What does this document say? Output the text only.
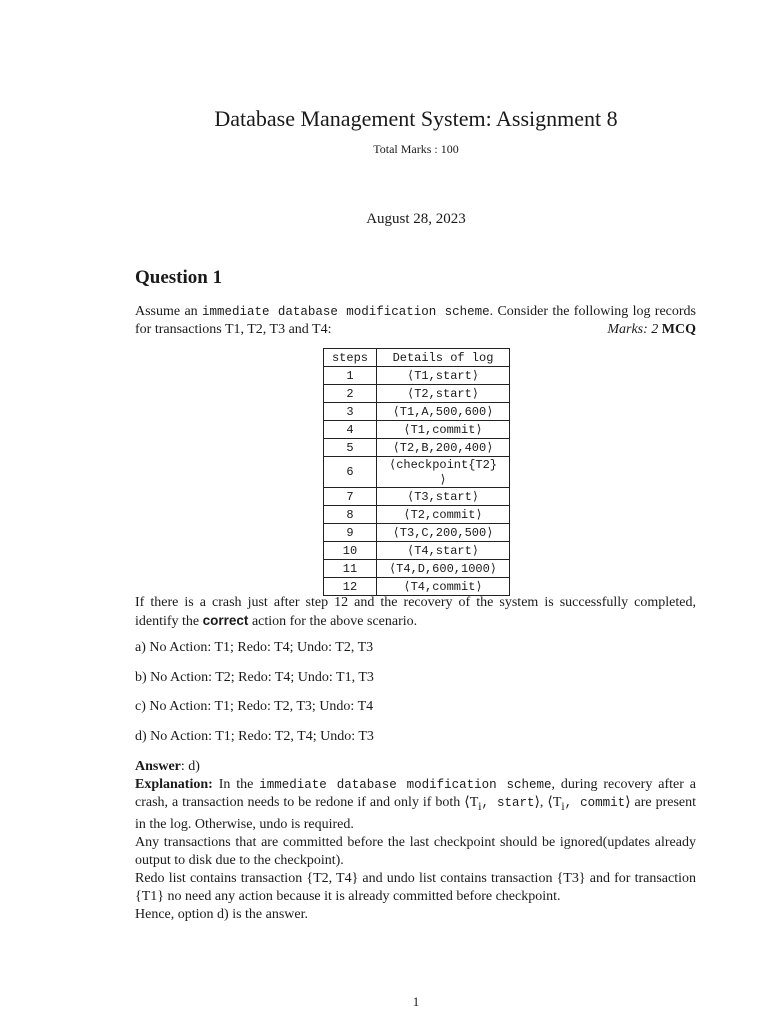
Database Management System: Assignment 8
Total Marks : 100
August 28, 2023
Question 1
Assume an immediate database modification scheme. Consider the following log records for transactions T1, T2, T3 and T4:	Marks: 2 MCQ
steps	Details of log
1	⟨T1,start⟩
2	⟨T2,start⟩
3	⟨T1,A,500,600⟩
4	⟨T1,commit⟩
5	⟨T2,B,200,400⟩
6	⟨checkpoint{T2} ⟩
7	⟨T3,start⟩
8	⟨T2,commit⟩
9	⟨T3,C,200,500⟩
10	⟨T4,start⟩
11	⟨T4,D,600,1000⟩
12	⟨T4,commit⟩
If there is a crash just after step 12 and the recovery of the system is successfully completed, identify the correct action for the above scenario.
a) No Action: T1; Redo: T4; Undo: T2, T3
b) No Action: T2; Redo: T4; Undo: T1, T3
c) No Action: T1; Redo: T2, T3; Undo: T4
d) No Action: T1; Redo: T2, T4; Undo: T3
Answer: d)
Explanation: In the immediate database modification scheme, during recovery after a crash, a transaction needs to be redone if and only if both $⟨T_i$, start⟩, $⟨T_i$, commit⟩ are present in the log. Otherwise, undo is required.
Any transactions that are committed before the last checkpoint should be ignored(updates already output to disk due to the checkpoint).
Redo list contains transaction {T2, T4} and undo list contains transaction {T3} and for transaction {T1} no need any action because it is already committed before checkpoint.
Hence, option d) is the answer.
1
